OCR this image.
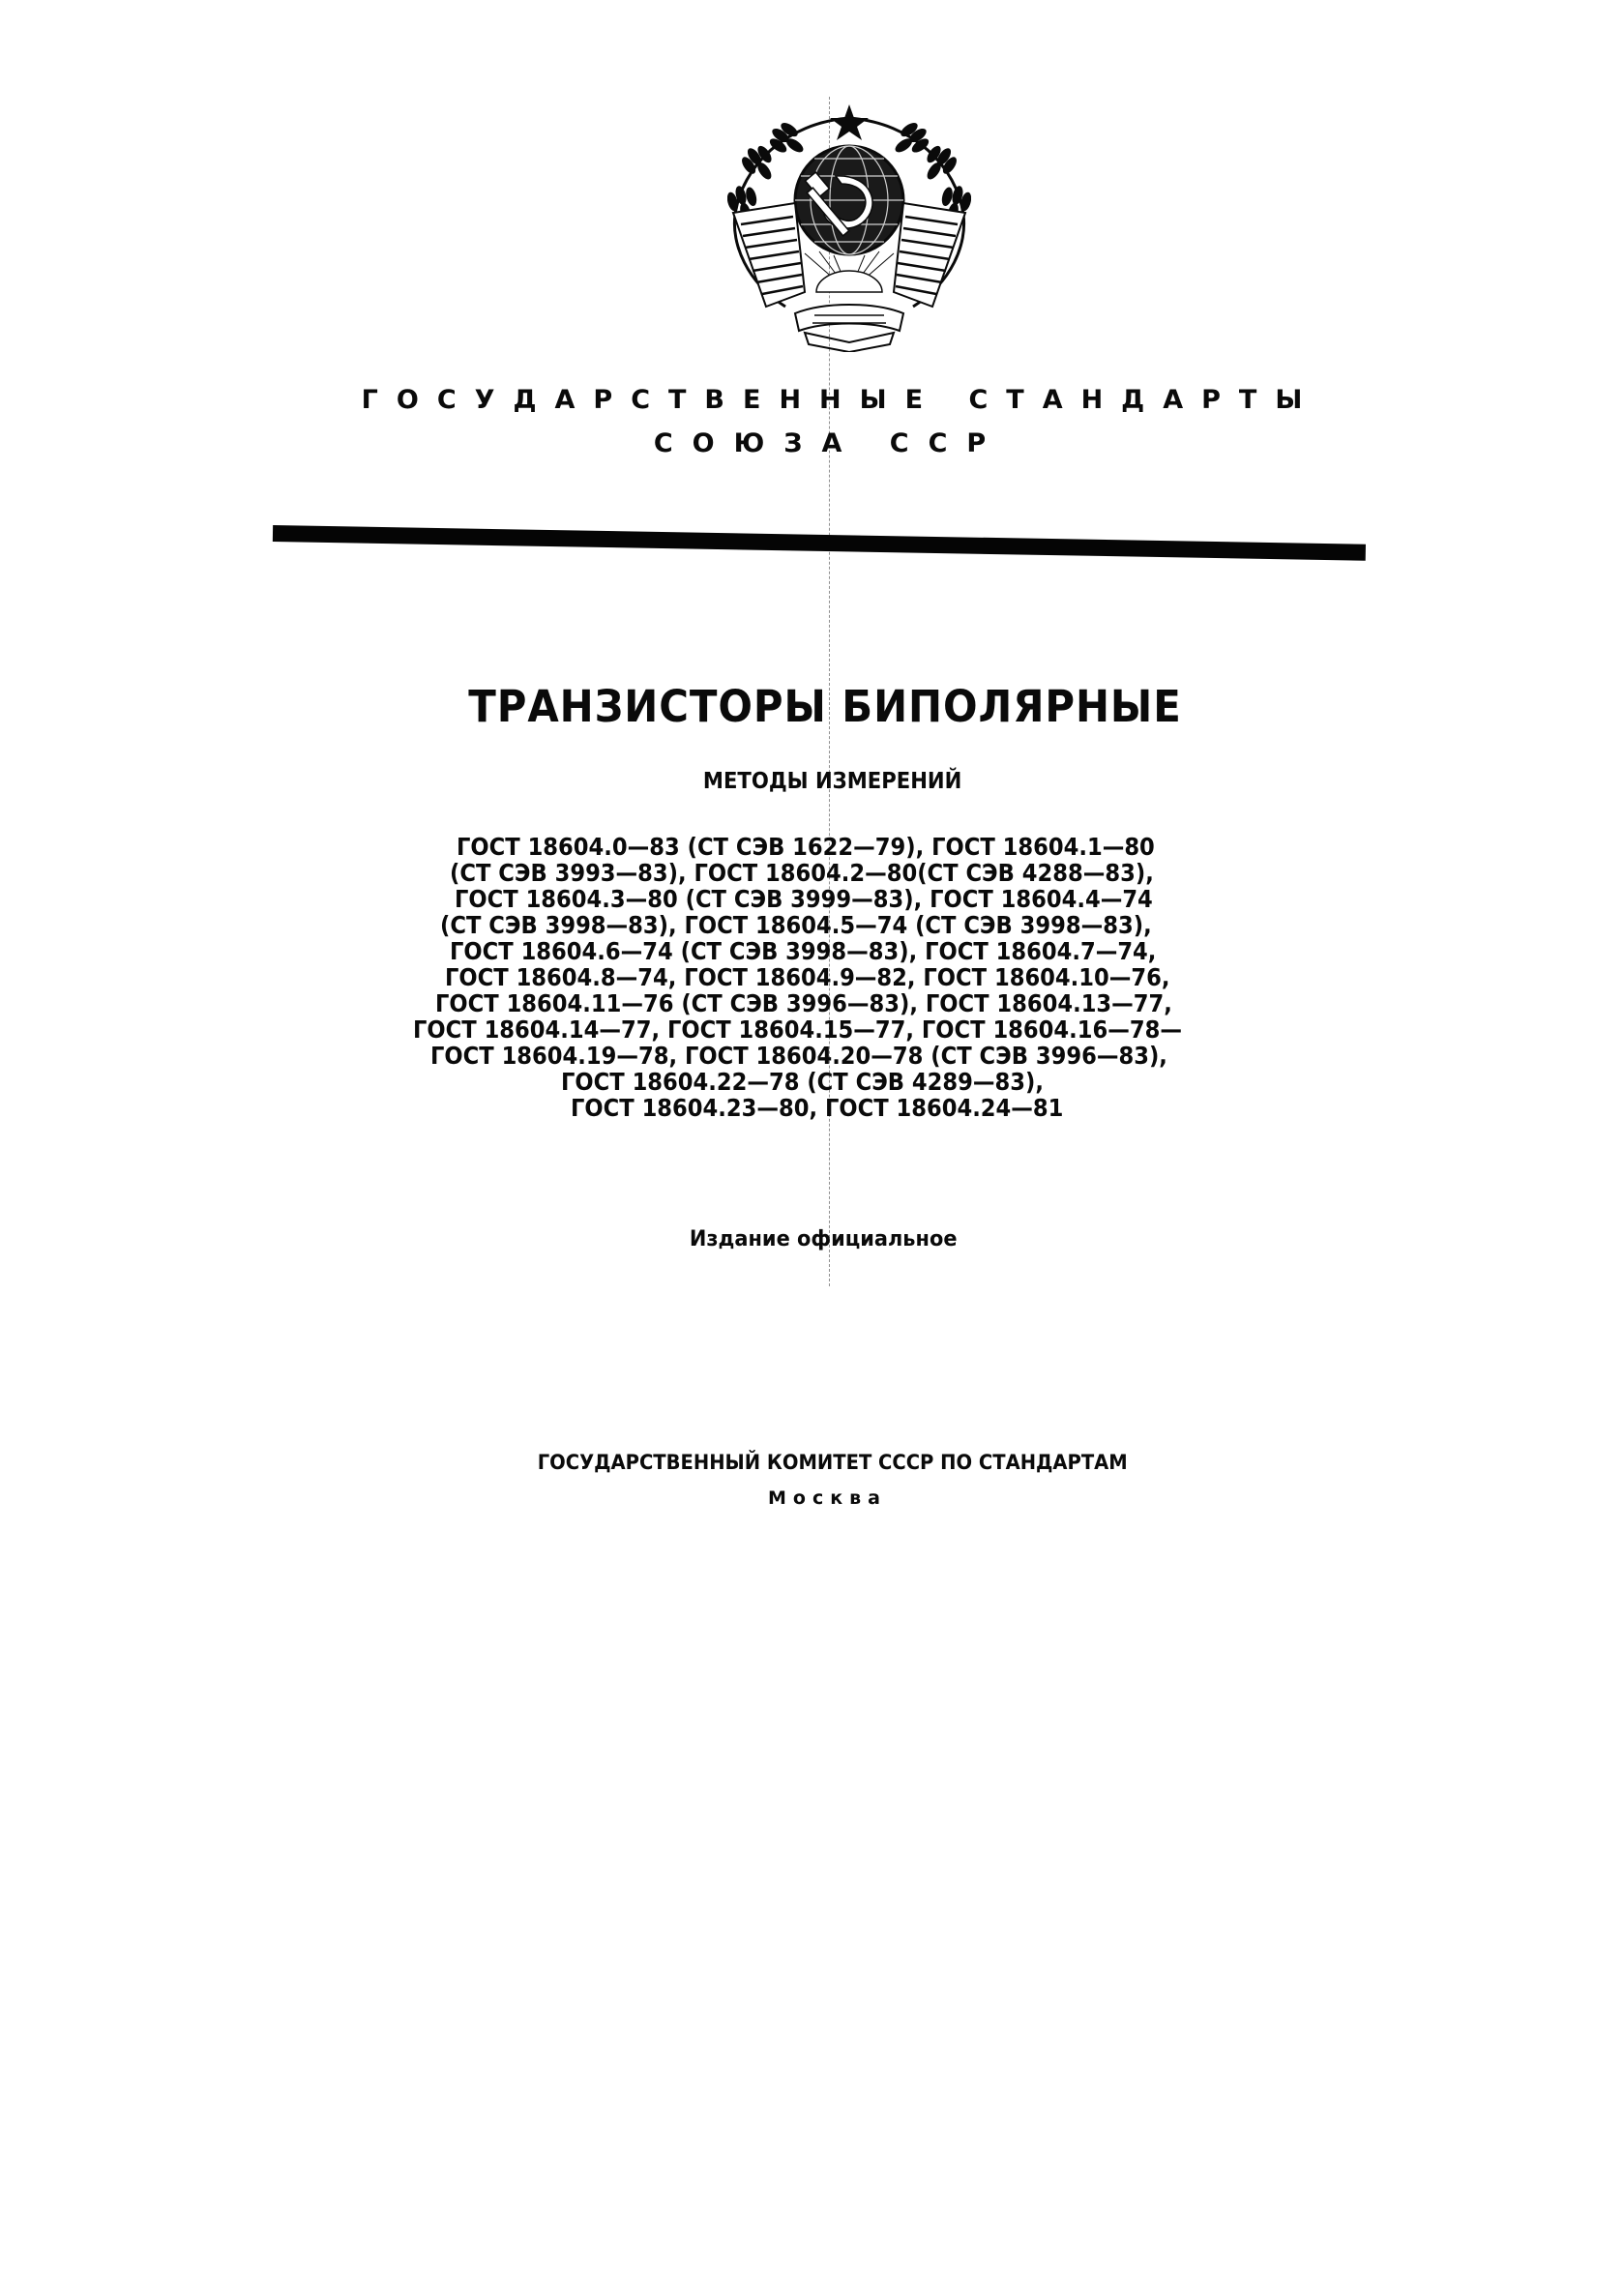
ГОСУДАРСТВЕННЫЕ СТАНДАРТЫ
СОЮЗА ССР
ТРАНЗИСТОРЫ БИПОЛЯРНЫЕ
МЕТОДЫ ИЗМЕРЕНИЙ
ГОСТ 18604.0—83 (СТ СЭВ 1622—79), ГОСТ 18604.1—80
(СТ СЭВ 3993—83), ГОСТ 18604.2—80(СТ СЭВ 4288—83),
ГОСТ 18604.3—80 (СТ СЭВ 3999—83), ГОСТ 18604.4—74
(СТ СЭВ 3998—83), ГОСТ 18604.5—74 (СТ СЭВ 3998—83),
ГОСТ 18604.6—74 (СТ СЭВ 3998—83), ГОСТ 18604.7—74,
ГОСТ 18604.8—74, ГОСТ 18604.9—82, ГОСТ 18604.10—76,
ГОСТ 18604.11—76 (СТ СЭВ 3996—83), ГОСТ 18604.13—77,
ГОСТ 18604.14—77, ГОСТ 18604.15—77, ГОСТ 18604.16—78—
ГОСТ 18604.19—78, ГОСТ 18604.20—78 (СТ СЭВ 3996—83),
ГОСТ 18604.22—78 (СТ СЭВ 4289—83),
ГОСТ 18604.23—80, ГОСТ 18604.24—81
Издание официальное
ГОСУДАРСТВЕННЫЙ КОМИТЕТ СССР ПО СТАНДАРТАМ
Москва
